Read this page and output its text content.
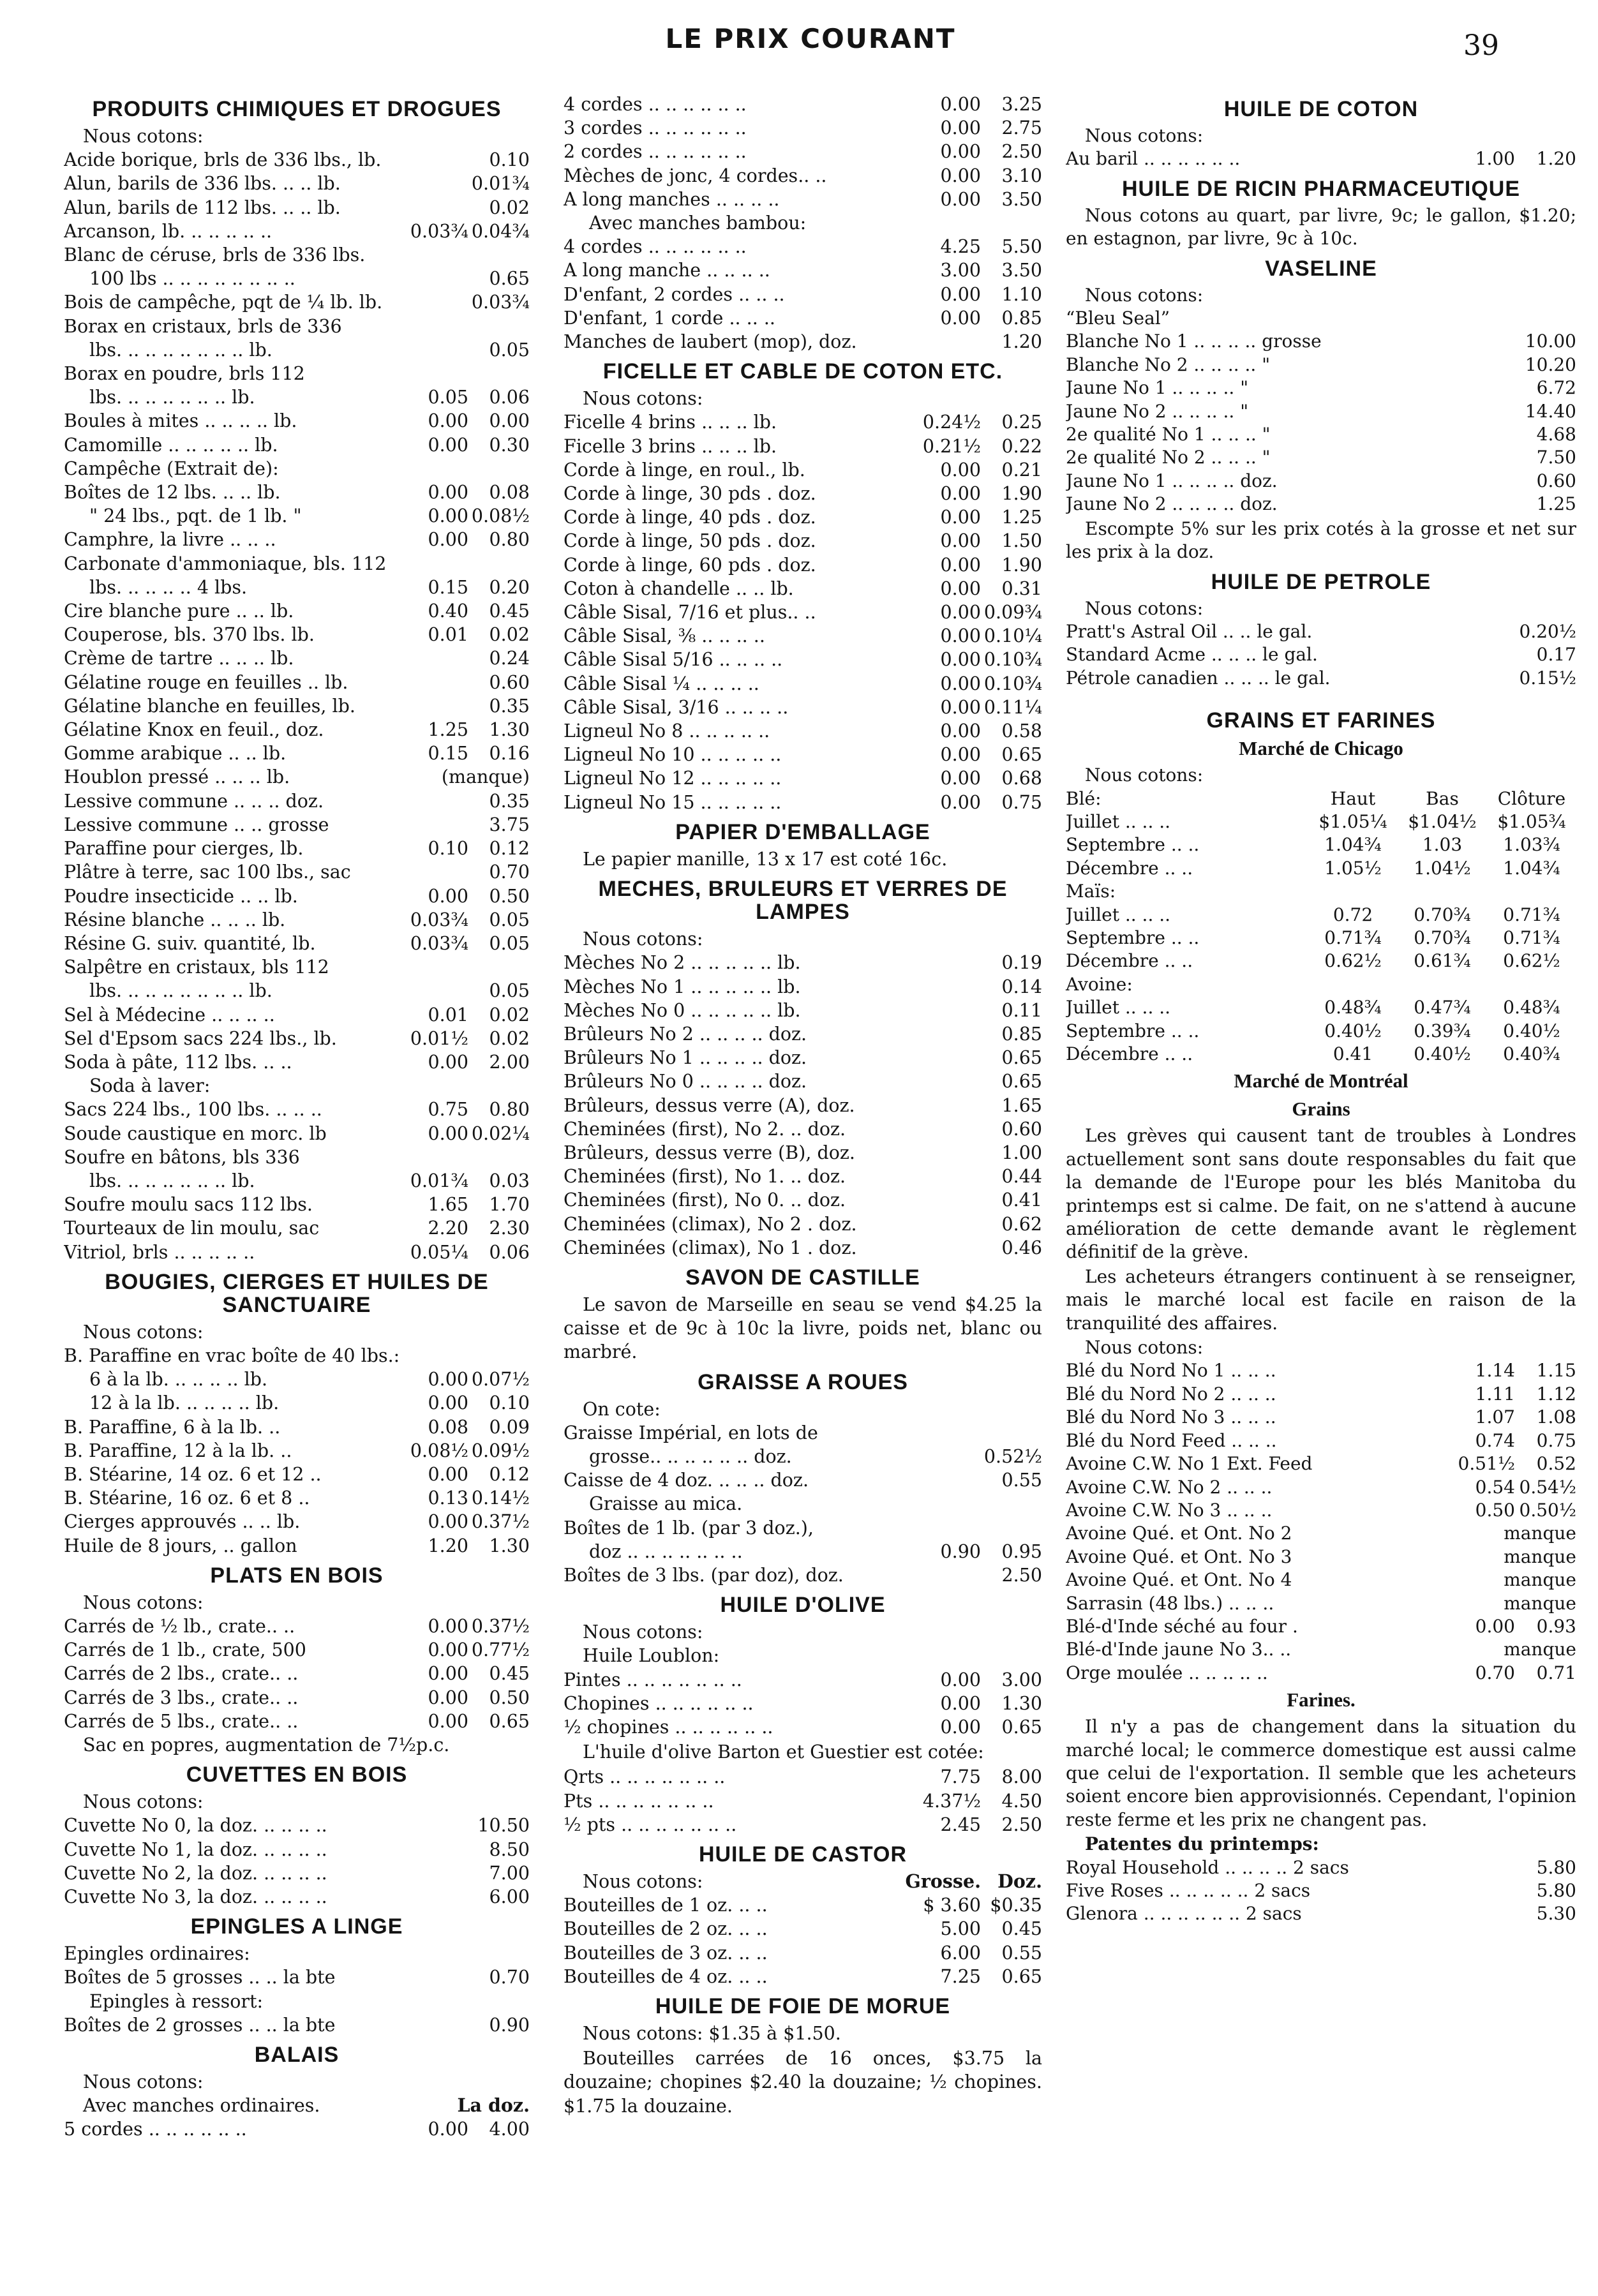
LE PRIX COURANT	39
PRODUITS CHIMIQUES ET DROGUES
Nous cotons:
Acide borique, brls de 336 lbs., lb.	0.10
Alun, barils de 336 lbs. .. .. lb.	0.01¾
Alun, barils de 112 lbs. .. .. lb.	0.02
Arcanson, lb. .. .. .. .. ..	0.03¾ 0.04¾
Blanc de céruse, brls de 336 lbs.
100 lbs .. .. .. .. .. .. .. ..	0.65
Bois de campêche, pqt de ¼ lb. lb.	0.03¾
Borax en cristaux, brls de 336
lbs. .. .. .. .. .. .. .. lb.	0.05
Borax en poudre, brls 112
lbs. .. .. .. .. .. .. lb.	0.05	0.06
Boules à mites .. .. .. .. lb.	0.00	0.00
Camomille .. .. .. .. .. lb.	0.00	0.30
Campêche (Extrait de):
Boîtes de 12 lbs. .. .. lb.	0.00	0.08
" 24 lbs., pqt. de 1 lb. "	0.00 0.08½
Camphre, la livre .. .. ..	0.00	0.80
Carbonate d'ammoniaque, bls. 112
lbs. .. .. .. .. 4 lbs.	0.15	0.20
Cire blanche pure .. .. lb.	0.40	0.45
Couperose, bls. 370 lbs. lb.	0.01	0.02
Crème de tartre .. .. .. lb.	0.24
Gélatine rouge en feuilles .. lb.	0.60
Gélatine blanche en feuilles, lb.	0.35
Gélatine Knox en feuil., doz.	1.25	1.30
Gomme arabique .. .. lb.	0.15	0.16
Houblon pressé .. .. .. lb.	(manque)
Lessive commune .. .. .. doz.	0.35
Lessive commune .. .. grosse	3.75
Paraffine pour cierges, lb.	0.10	0.12
Plâtre à terre, sac 100 lbs., sac	0.70
Poudre insecticide .. .. lb.	0.00	0.50
Résine blanche .. .. .. lb.	0.03¾	0.05
Résine G. suiv. quantité, lb.	0.03¾	0.05
Salpêtre en cristaux, bls 112
lbs. .. .. .. .. .. .. .. lb.	0.05
Sel à Médecine .. .. .. ..	0.01	0.02
Sel d'Epsom sacs 224 lbs., lb.	0.01½	0.02
Soda à pâte, 112 lbs. .. ..	0.00	2.00
Soda à laver:
Sacs 224 lbs., 100 lbs. .. .. ..	0.75	0.80
Soude caustique en morc. lb	0.00 0.02¼
Soufre en bâtons, bls 336
lbs. .. .. .. .. .. .. lb.	0.01¾	0.03
Soufre moulu sacs 112 lbs.	1.65	1.70
Tourteaux de lin moulu, sac	2.20	2.30
Vitriol, brls .. .. .. .. ..	0.05¼	0.06
BOUGIES, CIERGES ET HUILES DE SANCTUAIRE
Nous cotons:
B. Paraffine en vrac boîte de 40 lbs.:
6 à la lb. .. .. .. .. lb.	0.00 0.07½
12 à la lb. .. .. .. .. lb.	0.00	0.10
B. Paraffine, 6 à la lb. ..	0.08	0.09
B. Paraffine, 12 à la lb. ..	0.08½ 0.09½
B. Stéarine, 14 oz. 6 et 12 ..	0.00	0.12
B. Stéarine, 16 oz. 6 et 8 ..	0.13 0.14½
Cierges approuvés .. .. lb.	0.00 0.37½
Huile de 8 jours, .. gallon	1.20	1.30
PLATS EN BOIS
Nous cotons:
Carrés de ½ lb., crate.. ..	0.00 0.37½
Carrés de 1 lb., crate, 500	0.00 0.77½
Carrés de 2 lbs., crate.. ..	0.00	0.45
Carrés de 3 lbs., crate.. ..	0.00	0.50
Carrés de 5 lbs., crate.. ..	0.00	0.65
Sac en popres, augmentation de 7½p.c.
CUVETTES EN BOIS
Nous cotons:
Cuvette No 0, la doz. .. .. .. ..	10.50
Cuvette No 1, la doz. .. .. .. ..	8.50
Cuvette No 2, la doz. .. .. .. ..	7.00
Cuvette No 3, la doz. .. .. .. ..	6.00
EPINGLES A LINGE
Epingles ordinaires:
Boîtes de 5 grosses .. .. la bte	0.70
Epingles à ressort:
Boîtes de 2 grosses .. .. la bte	0.90
BALAIS
Nous cotons:
Avec manches ordinaires.	La doz.
5 cordes .. .. .. .. .. ..	0.00	4.00
4 cordes .. .. .. .. .. ..	0.00	3.25
3 cordes .. .. .. .. .. ..	0.00	2.75
2 cordes .. .. .. .. .. ..	0.00	2.50
Mèches de jonc, 4 cordes.. ..	0.00	3.10
A long manches .. .. .. ..	0.00	3.50
Avec manches bambou:
4 cordes .. .. .. .. .. ..	4.25	5.50
A long manche .. .. .. ..	3.00	3.50
D'enfant, 2 cordes .. .. ..	0.00	1.10
D'enfant, 1 corde .. .. ..	0.00	0.85
Manches de laubert (mop), doz.	1.20
FICELLE ET CABLE DE COTON ETC.
Nous cotons:
Ficelle 4 brins .. .. .. lb.	0.24½	0.25
Ficelle 3 brins .. .. .. lb.	0.21½	0.22
Corde à linge, en roul., lb.	0.00	0.21
Corde à linge, 30 pds . doz.	0.00	1.90
Corde à linge, 40 pds . doz.	0.00	1.25
Corde à linge, 50 pds . doz.	0.00	1.50
Corde à linge, 60 pds . doz.	0.00	1.90
Coton à chandelle .. .. lb.	0.00	0.31
Câble Sisal, 7/16 et plus.. ..	0.00 0.09¾
Câble Sisal, ⅜ .. .. .. ..	0.00 0.10¼
Câble Sisal 5/16 .. .. .. ..	0.00 0.10¾
Câble Sisal ¼ .. .. .. ..	0.00 0.10¾
Câble Sisal, 3/16 .. .. .. ..	0.00 0.11¼
Ligneul No 8 .. .. .. .. ..	0.00	0.58
Ligneul No 10 .. .. .. .. ..	0.00	0.65
Ligneul No 12 .. .. .. .. ..	0.00	0.68
Ligneul No 15 .. .. .. .. ..	0.00	0.75
PAPIER D'EMBALLAGE
Le papier manille, 13 x 17 est coté 16c.
MECHES, BRULEURS ET VERRES DE LAMPES
Nous cotons:
Mèches No 2 .. .. .. .. .. lb.	0.19
Mèches No 1 .. .. .. .. .. lb.	0.14
Mèches No 0 .. .. .. .. .. lb.	0.11
Brûleurs No 2 .. .. .. .. doz.	0.85
Brûleurs No 1 .. .. .. .. doz.	0.65
Brûleurs No 0 .. .. .. .. doz.	0.65
Brûleurs, dessus verre (A), doz.	1.65
Cheminées (first), No 2. .. doz.	0.60
Brûleurs, dessus verre (B), doz.	1.00
Cheminées (first), No 1. .. doz.	0.44
Cheminées (first), No 0. .. doz.	0.41
Cheminées (climax), No 2 . doz.	0.62
Cheminées (climax), No 1 . doz.	0.46
SAVON DE CASTILLE
Le savon de Marseille en seau se vend $4.25 la caisse et de 9c à 10c la livre, poids net, blanc ou marbré.
GRAISSE A ROUES
On cote:
Graisse Impérial, en lots de
grosse.. .. .. .. .. .. doz.	0.52½
Caisse de 4 doz. .. .. .. doz.	0.55
Graisse au mica.
Boîtes de 1 lb. (par 3 doz.),
doz .. .. .. .. .. .. ..	0.90	0.95
Boîtes de 3 lbs. (par doz), doz.	2.50
HUILE D'OLIVE
Nous cotons:
Huile Loublon:
Pintes .. .. .. .. .. .. ..	0.00	3.00
Chopines .. .. .. .. .. ..	0.00	1.30
½ chopines .. .. .. .. .. ..	0.00	0.65
L'huile d'olive Barton et Guestier est cotée:
Qrts .. .. .. .. .. .. ..	7.75	8.00
Pts .. .. .. .. .. .. ..	4.37½	4.50
½ pts .. .. .. .. .. .. ..	2.45	2.50
HUILE DE CASTOR
Nous cotons:	Grosse. Doz.
Bouteilles de 1 oz. .. ..	$ 3.60 $0.35
Bouteilles de 2 oz. .. ..	5.00	0.45
Bouteilles de 3 oz. .. ..	6.00	0.55
Bouteilles de 4 oz. .. ..	7.25	0.65
HUILE DE FOIE DE MORUE
Nous cotons: $1.35 à $1.50.
Bouteilles carrées de 16 onces, $3.75 la douzaine; chopines $2.40 la douzaine; ½ chopines. $1.75 la douzaine.
HUILE DE COTON
Nous cotons:
Au baril .. .. .. .. .. ..	1.00	1.20
HUILE DE RICIN PHARMACEUTIQUE
Nous cotons au quart, par livre, 9c; le gallon, $1.20; en estagnon, par livre, 9c à 10c.
VASELINE
Nous cotons:
“Bleu Seal”
Blanche No 1 .. .. .. .. grosse	10.00
Blanche No 2 .. .. .. .. "	10.20
Jaune No 1 .. .. .. .. "	6.72
Jaune No 2 .. .. .. .. "	14.40
2e qualité No 1 .. .. .. "	4.68
2e qualité No 2 .. .. .. "	7.50
Jaune No 1 .. .. .. .. doz.	0.60
Jaune No 2 .. .. .. .. doz.	1.25
Escompte 5% sur les prix cotés à la grosse et net sur les prix à la doz.
HUILE DE PETROLE
Nous cotons:
Pratt's Astral Oil .. .. le gal.	0.20½
Standard Acme .. .. .. le gal.	0.17
Pétrole canadien .. .. .. le gal.	0.15½
GRAINS ET FARINES
Marché de Chicago
Nous cotons:
Blé:	Haut	Bas	Clôture
Juillet .. .. ..	$1.05¼	$1.04½	$1.05¾
Septembre .. ..	1.04¾	1.03	1.03¾
Décembre .. ..	1.05½	1.04½	1.04¾
Maïs:
Juillet .. .. ..	0.72	0.70¾	0.71¾
Septembre .. ..	0.71¾	0.70¾	0.71¾
Décembre .. ..	0.62½	0.61¾	0.62½
Avoine:
Juillet .. .. ..	0.48¾	0.47¾	0.48¾
Septembre .. ..	0.40½	0.39¾	0.40½
Décembre .. ..	0.41	0.40½	0.40¾
Marché de Montréal
Grains
Les grèves qui causent tant de troubles à Londres actuellement sont sans doute responsables du fait que la demande de l'Europe pour les blés Manitoba du printemps est si calme. De fait, on ne s'attend à aucune amélioration de cette demande avant le règlement définitif de la grève.
Les acheteurs étrangers continuent à se renseigner, mais le marché local est facile en raison de la tranquilité des affaires.
Nous cotons:
Blé du Nord No 1 .. .. ..	1.14	1.15
Blé du Nord No 2 .. .. ..	1.11	1.12
Blé du Nord No 3 .. .. ..	1.07	1.08
Blé du Nord Feed .. .. ..	0.74	0.75
Avoine C.W. No 1 Ext. Feed	0.51½	0.52
Avoine C.W. No 2 .. .. ..	0.54 0.54½
Avoine C.W. No 3 .. .. ..	0.50 0.50½
Avoine Qué. et Ont. No 2	manque
Avoine Qué. et Ont. No 3	manque
Avoine Qué. et Ont. No 4	manque
Sarrasin (48 lbs.) .. .. ..	manque
Blé-d'Inde séché au four .	0.00	0.93
Blé-d'Inde jaune No 3.. ..	manque
Orge moulée .. .. .. .. ..	0.70	0.71
Farines.
Il n'y a pas de changement dans la situation du marché local; le commerce domestique est aussi calme que celui de l'exportation. Il semble que les acheteurs soient encore bien approvisionnés. Cependant, l'opinion reste ferme et les prix ne changent pas.
Patentes du printemps:
Royal Household .. .. .. .. 2 sacs	5.80
Five Roses .. .. .. .. .. 2 sacs	5.80
Glenora .. .. .. .. .. .. 2 sacs	5.30
